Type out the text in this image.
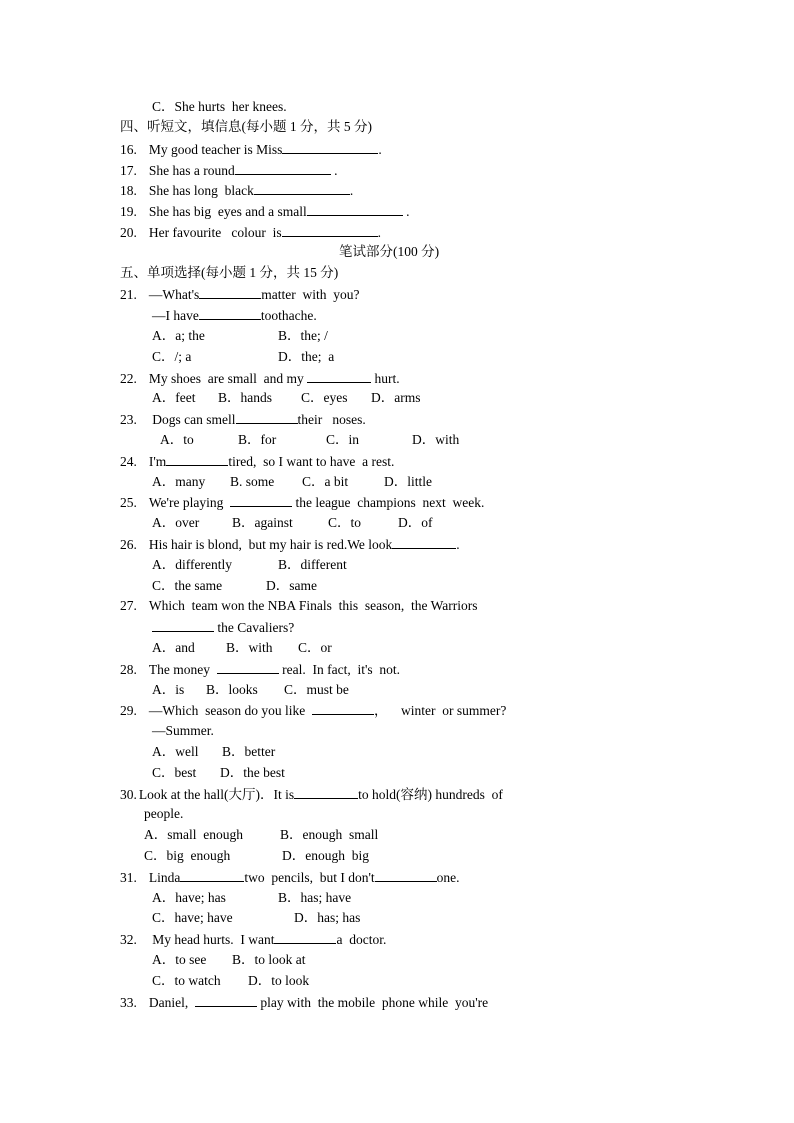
C．She hurts  her knees.
四、听短文，填信息(每小题 1 分，共 5 分)
16. My good teacher is Miss	.
17. She has a round	.
18. She has long  black	.
19. She has big  eyes and a small	.
20. Her favourite   colour  is	.
笔试部分(100 分)
五、单项选择(每小题 1 分，共 15 分)
21. —What's	matter  with  you?
—I have	toothache.
A．a; the	B．the; /
C．/; a	D．the;  a
22. My shoes  are small  and my	hurt.
A．feet B．hands C．eyes D．arms
23. Dogs can smell	their   noses.
A．to	B．for	C．in	D．with
24. I'm	tired,  so I want to have  a rest.
A．many B. some C．a bit	D．little
25. We're playing	the league  champions  next  week.
A．over B．against	C．to	D．of
26. His hair is blond,  but my hair is red.We look	.
A．differently	B．different
C．the same	D．same
27. Which  team won the NBA Finals  this  season,  the Warriors
the Cavaliers?
A．and B．with C．or
28. The money	real.  In fact,  it's  not.
A．is B．looks C．must be
29. —Which  season do you like	，    winter  or summer?
—Summer.
A．well B．better
C．best D．the best
30. Look at the hall(大厅)．It is	to hold(容纳) hundreds  of
people.
A．small  enough	B．enough  small
C．big  enough	D．enough  big
31. Linda	two  pencils,  but I don't	one.
A．have; has	B．has; have
C．have; have	D．has; has
32. My head hurts.  I want	a  doctor.
A．to see B．to look at
C．to watch D．to look
33. Daniel,	play with  the mobile  phone while  you're
